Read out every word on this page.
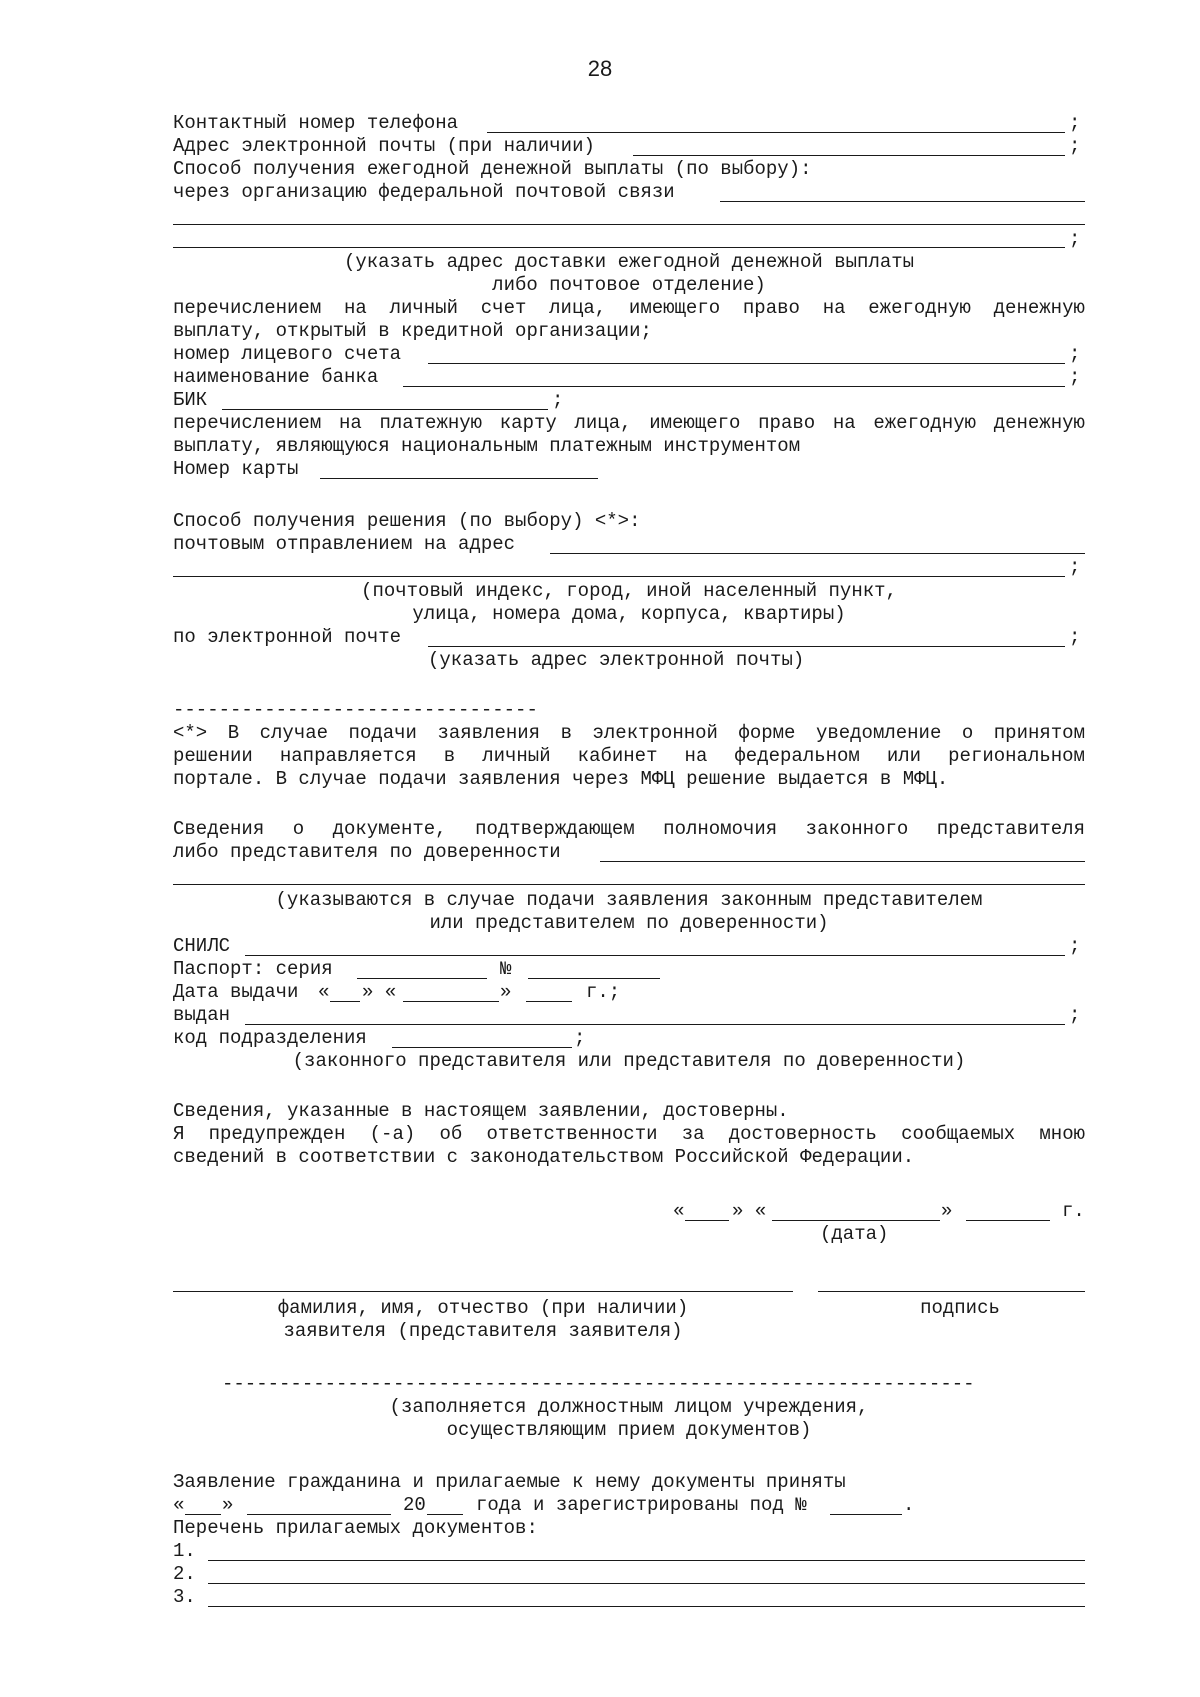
28
Контактный номер телефона	;
Адрес электронной почты (при наличии)	;
Способ получения ежегодной денежной выплаты (по выбору):
через организацию федеральной почтовой связи
;
(указать адрес доставки ежегодной денежной выплаты
либо почтовое отделение)
перечислением на личный счет лица, имеющего право на ежегодную денежную
выплату, открытый в кредитной организации;
номер лицевого счета	;
наименование банка	;
БИК	;
перечислением на платежную карту лица, имеющего право на ежегодную денежную
выплату, являющуюся национальным платежным инструментом
Номер карты
Способ получения решения (по выбору) <*>:
почтовым отправлением на адрес
;
(почтовый индекс, город, иной населенный пункт,
улица, номера дома, корпуса, квартиры)
по электронной почте	;
(указать адрес электронной почты)
--------------------------------
<*> В случае подачи заявления в электронной форме уведомление о принятом
решении направляется в личный кабинет на федеральном или региональном
портале. В случае подачи заявления через МФЦ решение выдается в МФЦ.
Сведения о документе, подтверждающем полномочия законного представителя
либо представителя по доверенности
(указываются в случае подачи заявления законным представителем
или представителем по доверенности)
СНИЛС	;
Паспорт: серия	№
Дата выдачи « » «	»	г.;
выдан	;
код подразделения	;
(законного представителя или представителя по доверенности)
Сведения, указанные в настоящем заявлении, достоверны.
Я предупрежден (-а) об ответственности за достоверность сообщаемых мною
сведений в соответствии с законодательством Российской Федерации.
«	» «	»	г.
(дата)
фамилия, имя, отчество (при наличии)
заявителя (представителя заявителя)
подпись
------------------------------------------------------------------
(заполняется должностным лицом учреждения,
осуществляющим прием документов)
Заявление гражданина и прилагаемые к нему документы приняты
« »	20	года и зарегистрированы под №	.
Перечень прилагаемых документов:
1.
2.
3.
